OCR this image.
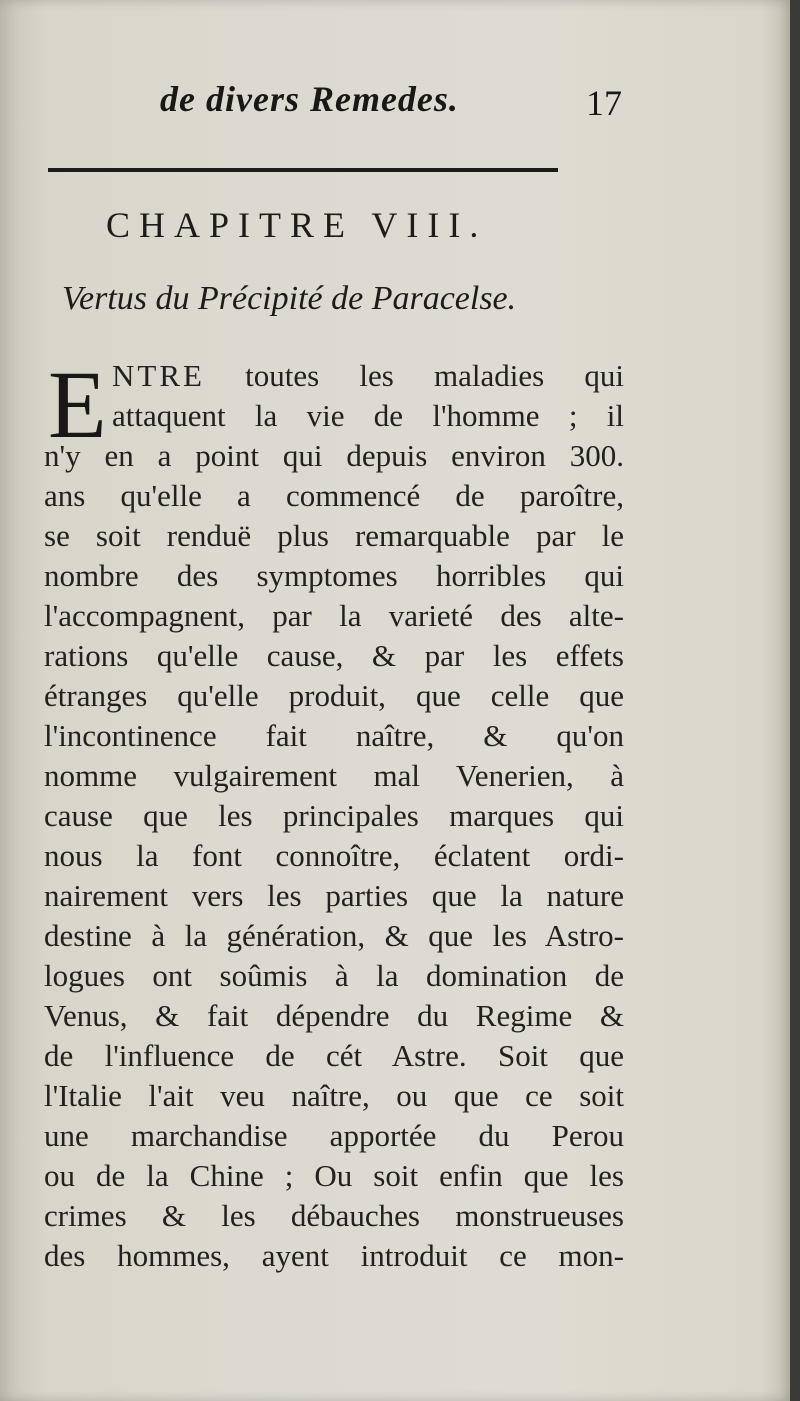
de divers Remedes.	17
CHAPITRE VIII.
Vertus du Précipité de Paracelse.
E NTRE toutes les maladies qui
attaquent la vie de l'homme ; il
n'y en a point qui depuis environ 300.
ans qu'elle a commencé de paroître,
se soit renduë plus remarquable par le
nombre des symptomes horribles qui
l'accompagnent, par la varieté des alte-
rations qu'elle cause, & par les effets
étranges qu'elle produit, que celle que
l'incontinence fait naître, & qu'on
nomme vulgairement mal Venerien, à
cause que les principales marques qui
nous la font connoître, éclatent ordi-
nairement vers les parties que la nature
destine à la génération, & que les Astro-
logues ont soûmis à la domination de
Venus, & fait dépendre du Regime &
de l'influence de cét Astre. Soit que
l'Italie l'ait veu naître, ou que ce soit
une marchandise apportée du Perou
ou de la Chine ; Ou soit enfin que les
crimes & les débauches monstrueuses
des hommes, ayent introduit ce mon-
